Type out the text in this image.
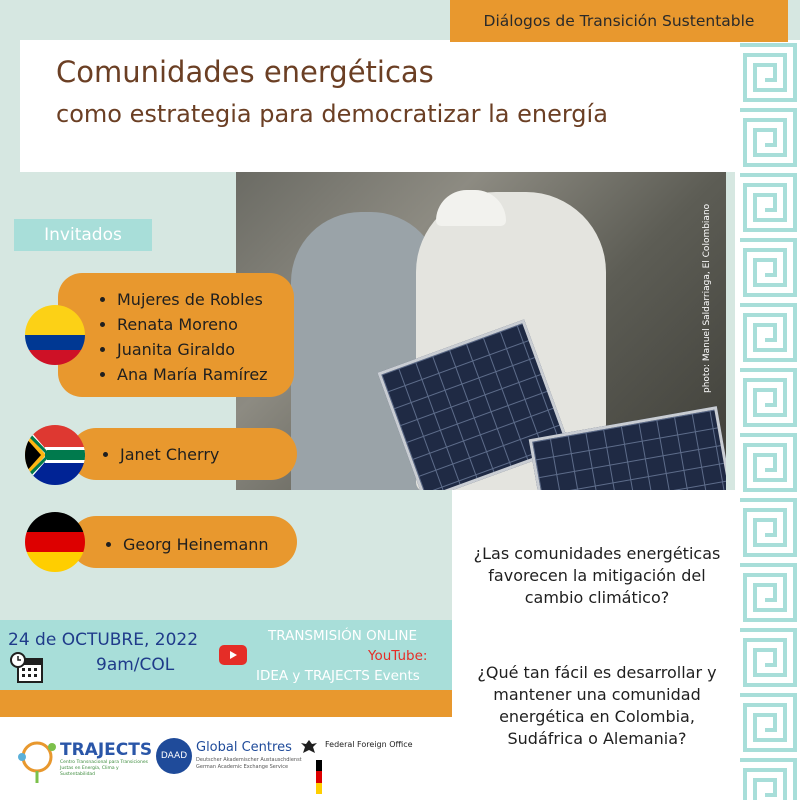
Diálogos de Transición Sustentable
Comunidades energéticas
como estrategia para democratizar la energía
photo: Manuel Saldarriaga, El Colombiano
Invitados
• Mujeres de Robles
• Renata Moreno
• Juanita Giraldo
• Ana María Ramírez
• Janet Cherry
• Georg Heinemann
24 de OCTUBRE, 2022
9am/COL
TRANSMISIÓN ONLINE
YouTube:
IDEA y TRAJECTS Events
¿Las comunidades energéticas favorecen la mitigación del cambio climático?
¿Qué tan fácil es desarrollar y mantener una comunidad energética en Colombia, Sudáfrica o Alemania?
TRAJECTS
Centro Transnacional para Transiciones Justas en Energía, Clima y Sustentabilidad
DAAD
Global Centres
Deutscher Akademischer Austauschdienst German Academic Exchange Service
Federal Foreign Office
